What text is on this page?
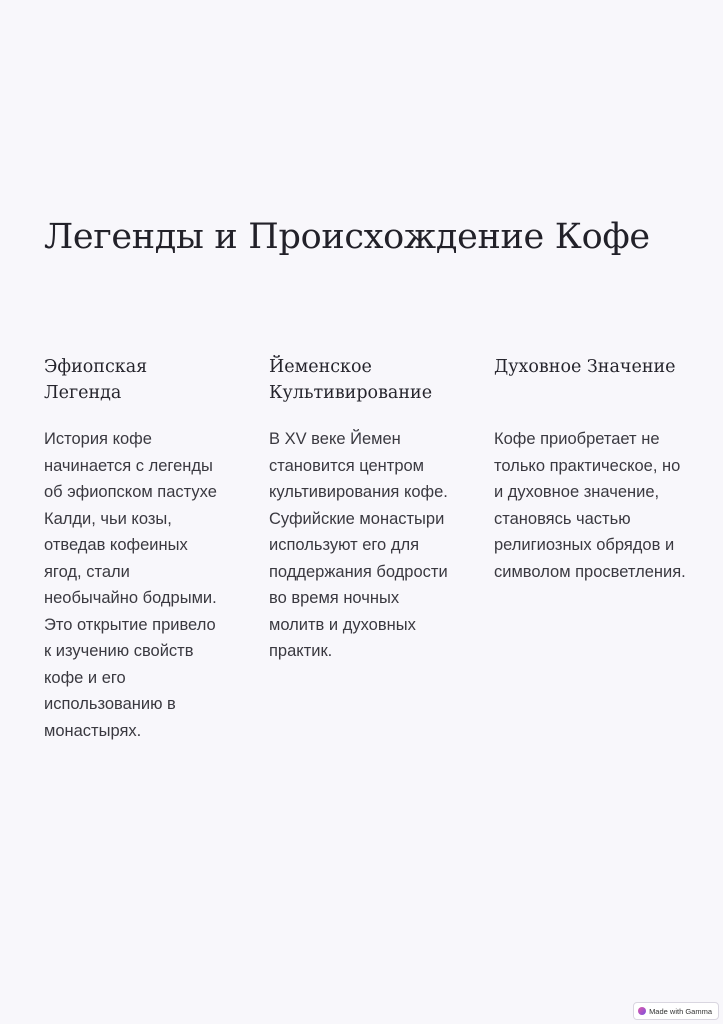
Легенды и Происхождение Кофе
Эфиопская Легенда

История кофе начинается с легенды об эфиопском пастухе Калди, чьи козы, отведав кофеиных ягод, стали необычайно бодрыми. Это открытие привело к изучению свойств кофе и его использованию в монастырях.

Йеменское Культивирование

В XV веке Йемен становится центром культивирования кофе. Суфийские монастыри используют его для поддержания бодрости во время ночных молитв и духовных практик.

Духовное Значение

Кофе приобретает не только практическое, но и духовное значение, становясь частью религиозных обрядов и символом просветления.

Made with Gamma
